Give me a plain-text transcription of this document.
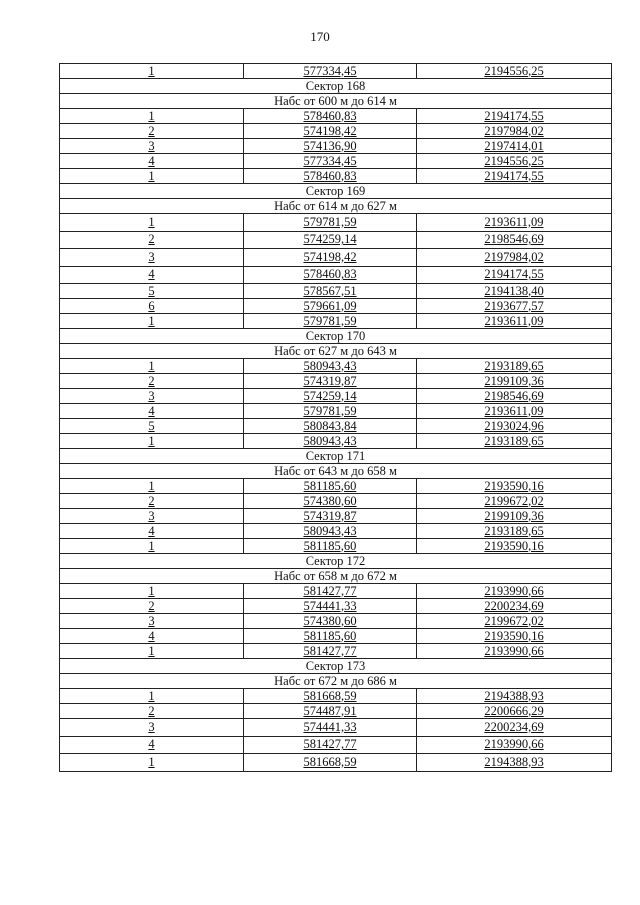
170
1	577334,45	2194556,25
Сектор 168		
Набс от 600 м до 614 м		
1	578460,83	2194174,55
2	574198,42	2197984,02
3	574136,90	2197414,01
4	577334,45	2194556,25
1	578460,83	2194174,55
Сектор 169		
Набс от 614 м до 627 м		
1	579781,59	2193611,09
2	574259,14	2198546,69
3	574198,42	2197984,02
4	578460,83	2194174,55
5	578567,51	2194138,40
6	579661,09	2193677,57
1	579781,59	2193611,09
Сектор 170		
Набс от 627 м до 643 м		
1	580943,43	2193189,65
2	574319,87	2199109,36
3	574259,14	2198546,69
4	579781,59	2193611,09
5	580843,84	2193024,96
1	580943,43	2193189,65
Сектор 171		
Набс от 643 м до 658 м		
1	581185,60	2193590,16
2	574380,60	2199672,02
3	574319,87	2199109,36
4	580943,43	2193189,65
1	581185,60	2193590,16
Сектор 172		
Набс от 658 м до 672 м		
1	581427,77	2193990,66
2	574441,33	2200234,69
3	574380,60	2199672,02
4	581185,60	2193590,16
1	581427,77	2193990,66
Сектор 173		
Набс от 672 м до 686 м		
1	581668,59	2194388,93
2	574487,91	2200666,29
3	574441,33	2200234,69
4	581427,77	2193990,66
1	581668,59	2194388,93
